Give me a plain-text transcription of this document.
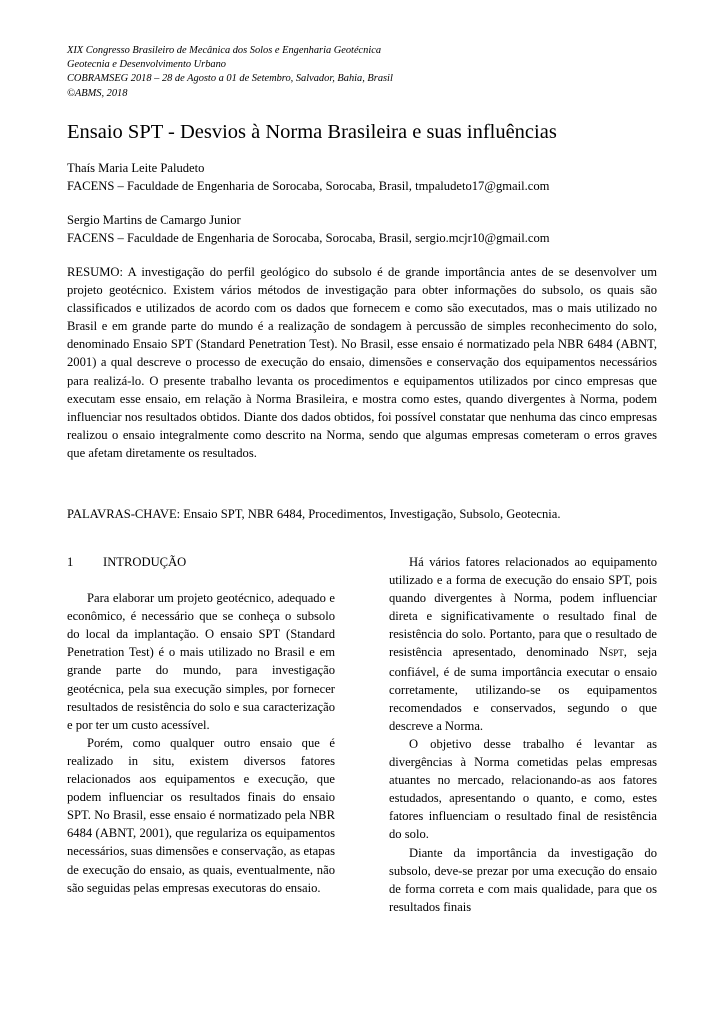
XIX Congresso Brasileiro de Mecânica dos Solos e Engenharia Geotécnica
Geotecnia e Desenvolvimento Urbano
COBRAMSEG 2018 – 28 de Agosto a 01 de Setembro, Salvador, Bahia, Brasil
©ABMS, 2018
Ensaio SPT - Desvios à Norma Brasileira e suas influências
Thaís Maria Leite Paludeto
FACENS – Faculdade de Engenharia de Sorocaba, Sorocaba, Brasil, tmpaludeto17@gmail.com
Sergio Martins de Camargo Junior
FACENS – Faculdade de Engenharia de Sorocaba, Sorocaba, Brasil, sergio.mcjr10@gmail.com
RESUMO: A investigação do perfil geológico do subsolo é de grande importância antes de se desenvolver um projeto geotécnico. Existem vários métodos de investigação para obter informações do subsolo, os quais são classificados e utilizados de acordo com os dados que fornecem e como são executados, mas o mais utilizado no Brasil e em grande parte do mundo é a realização de sondagem à percussão de simples reconhecimento do solo, denominado Ensaio SPT (Standard Penetration Test). No Brasil, esse ensaio é normatizado pela NBR 6484 (ABNT, 2001) a qual descreve o processo de execução do ensaio, dimensões e conservação dos equipamentos necessários para realizá-lo. O presente trabalho levanta os procedimentos e equipamentos utilizados por cinco empresas que executam esse ensaio, em relação à Norma Brasileira, e mostra como estes, quando divergentes à Norma, podem influenciar nos resultados obtidos. Diante dos dados obtidos, foi possível constatar que nenhuma das cinco empresas realizou o ensaio integralmente como descrito na Norma, sendo que algumas empresas cometeram o erros graves que afetam diretamente os resultados.
PALAVRAS-CHAVE: Ensaio SPT, NBR 6484, Procedimentos, Investigação, Subsolo, Geotecnia.
1 INTRODUÇÃO

Para elaborar um projeto geotécnico, adequado e econômico, é necessário que se conheça o subsolo do local da implantação. O ensaio SPT (Standard Penetration Test) é o mais utilizado no Brasil e em grande parte do mundo, para investigação geotécnica, pela sua execução simples, por fornecer resultados de resistência do solo e sua caracterização e por ter um custo acessível.

Porém, como qualquer outro ensaio que é realizado in situ, existem diversos fatores relacionados aos equipamentos e execução, que podem influenciar os resultados finais do ensaio SPT. No Brasil, esse ensaio é normatizado pela NBR 6484 (ABNT, 2001), que regulariza os equipamentos necessários, suas dimensões e conservação, as etapas de execução do ensaio, as quais, eventualmente, não são seguidas pelas empresas executoras do ensaio.

Há vários fatores relacionados ao equipamento utilizado e a forma de execução do ensaio SPT, pois quando divergentes à Norma, podem influenciar direta e significativamente o resultado final de resistência do solo. Portanto, para que o resultado de resistência apresentado, denominado NSPT, seja confiável, é de suma importância executar o ensaio corretamente, utilizando-se os equipamentos recomendados e conservados, segundo o que descreve a Norma.

O objetivo desse trabalho é levantar as divergências à Norma cometidas pelas empresas atuantes no mercado, relacionando-as aos fatores estudados, apresentando o quanto, e como, estes fatores influenciam o resultado final de resistência do solo.

Diante da importância da investigação do subsolo, deve-se prezar por uma execução do ensaio de forma correta e com mais qualidade, para que os resultados finais
